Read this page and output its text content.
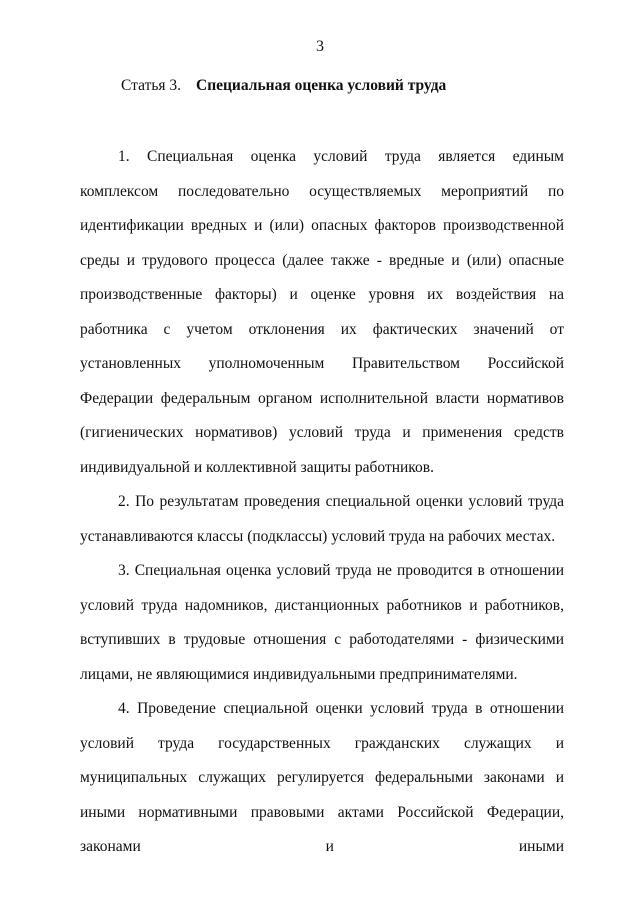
3
Статья 3. Специальная оценка условий труда

1. Специальная оценка условий труда является единым комплексом последовательно осуществляемых мероприятий по идентификации вредных и (или) опасных факторов производственной среды и трудового процесса (далее также - вредные и (или) опасные производственные факторы) и оценке уровня их воздействия на работника с учетом отклонения их фактических значений от установленных уполномоченным Правительством Российской Федерации федеральным органом исполнительной власти нормативов (гигиенических нормативов) условий труда и применения средств индивидуальной и коллективной защиты работников.

2. По результатам проведения специальной оценки условий труда устанавливаются классы (подклассы) условий труда на рабочих местах.

3. Специальная оценка условий труда не проводится в отношении условий труда надомников, дистанционных работников и работников, вступивших в трудовые отношения с работодателями - физическими лицами, не являющимися индивидуальными предпринимателями.

4. Проведение специальной оценки условий труда в отношении условий труда государственных гражданских служащих и муниципальных служащих регулируется федеральными законами и иными нормативными правовыми актами Российской Федерации, законами и иными
